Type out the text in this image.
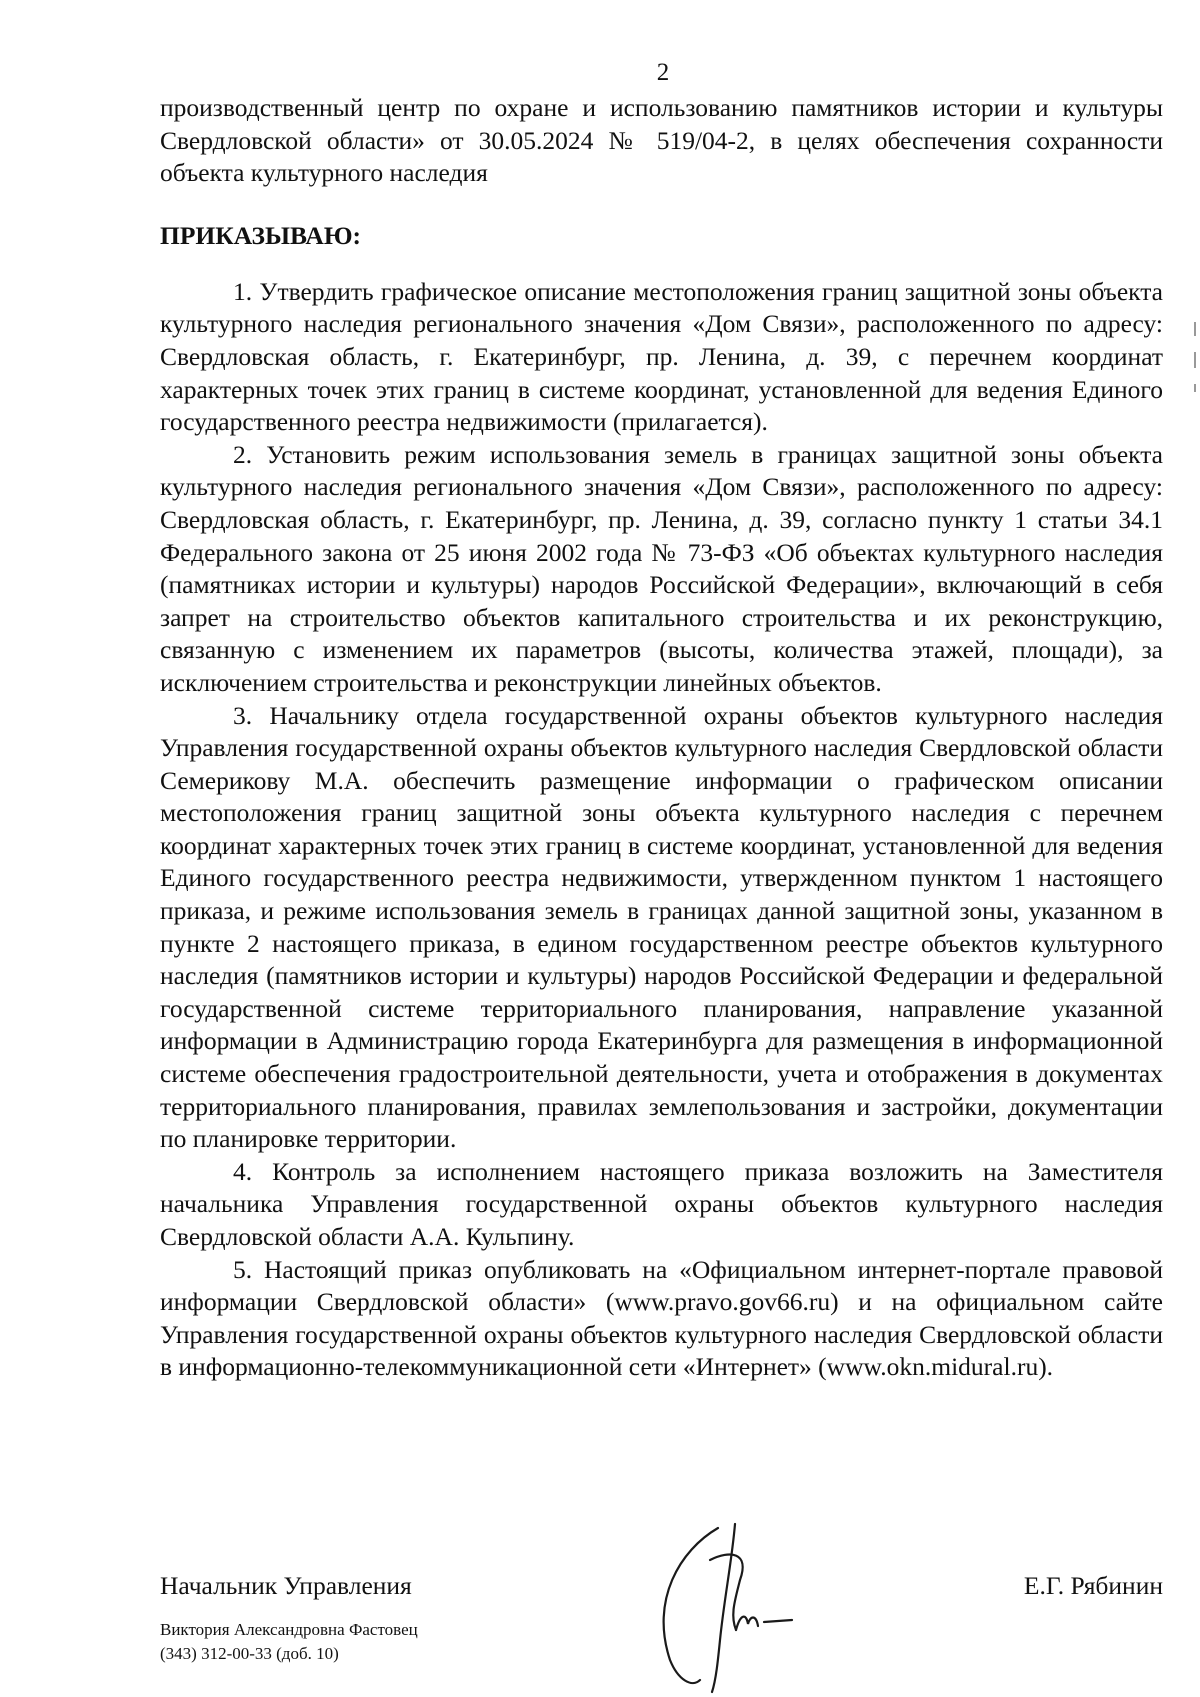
2

производственный центр по охране и использованию памятников истории и культуры Свердловской области» от 30.05.2024 № 519/04-2, в целях обеспечения сохранности объекта культурного наследия

ПРИКАЗЫВАЮ:

1. Утвердить графическое описание местоположения границ защитной зоны объекта культурного наследия регионального значения «Дом Связи», расположенного по адресу: Свердловская область, г. Екатеринбург, пр. Ленина, д. 39, с перечнем координат характерных точек этих границ в системе координат, установленной для ведения Единого государственного реестра недвижимости (прилагается).

2. Установить режим использования земель в границах защитной зоны объекта культурного наследия регионального значения «Дом Связи», расположенного по адресу: Свердловская область, г. Екатеринбург, пр. Ленина, д. 39, согласно пункту 1 статьи 34.1 Федерального закона от 25 июня 2002 года № 73-ФЗ «Об объектах культурного наследия (памятниках истории и культуры) народов Российской Федерации», включающий в себя запрет на строительство объектов капитального строительства и их реконструкцию, связанную с изменением их параметров (высоты, количества этажей, площади), за исключением строительства и реконструкции линейных объектов.

3. Начальнику отдела государственной охраны объектов культурного наследия Управления государственной охраны объектов культурного наследия Свердловской области Семерикову М.А. обеспечить размещение информации о графическом описании местоположения границ защитной зоны объекта культурного наследия с перечнем координат характерных точек этих границ в системе координат, установленной для ведения Единого государственного реестра недвижимости, утвержденном пунктом 1 настоящего приказа, и режиме использования земель в границах данной защитной зоны, указанном в пункте 2 настоящего приказа, в едином государственном реестре объектов культурного наследия (памятников истории и культуры) народов Российской Федерации и федеральной государственной системе территориального планирования, направление указанной информации в Администрацию города Екатеринбурга для размещения в информационной системе обеспечения градостроительной деятельности, учета и отображения в документах территориального планирования, правилах землепользования и застройки, документации по планировке территории.

4. Контроль за исполнением настоящего приказа возложить на Заместителя начальника Управления государственной охраны объектов культурного наследия Свердловской области А.А. Кульпину.

5. Настоящий приказ опубликовать на «Официальном интернет-портале правовой информации Свердловской области» (www.pravo.gov66.ru) и на официальном сайте Управления государственной охраны объектов культурного наследия Свердловской области в информационно-телекоммуникационной сети «Интернет» (www.okn.midural.ru).

Начальник Управления	Е.Г. Рябинин
Виктория Александровна Фастовец
(343) 312-00-33 (доб. 10)
